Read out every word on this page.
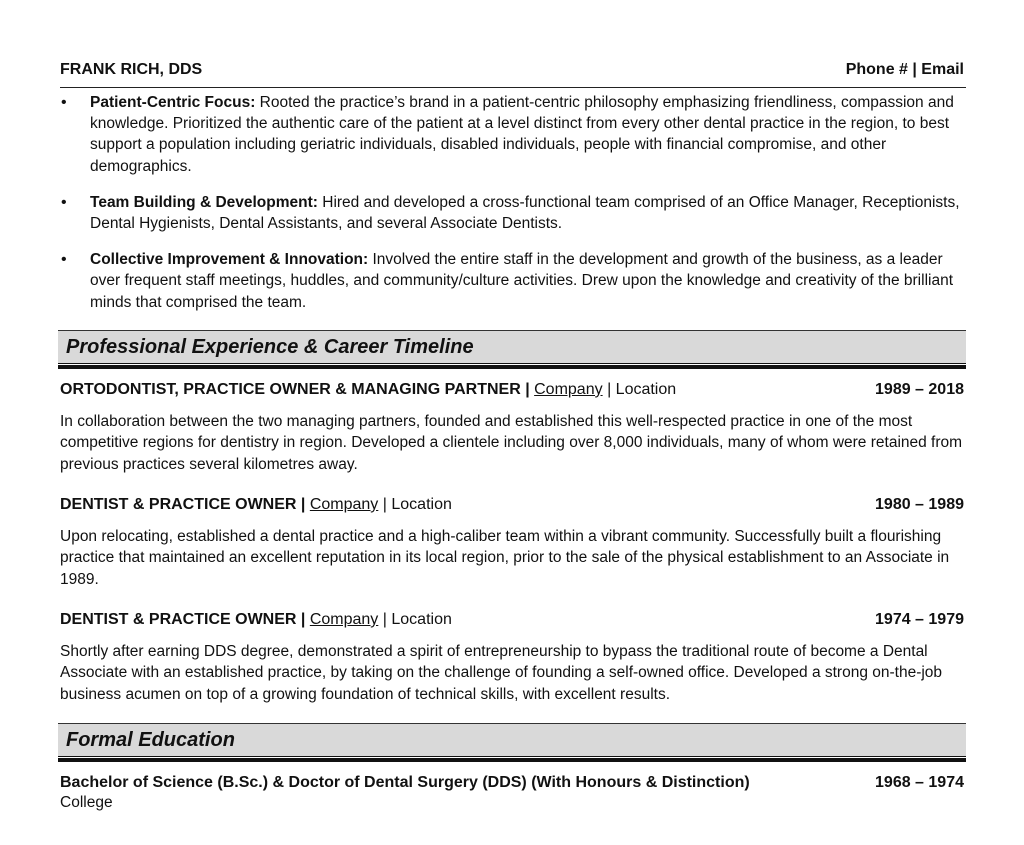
FRANK RICH, DDS	Phone # | Email
• Patient-Centric Focus: Rooted the practice’s brand in a patient-centric philosophy emphasizing friendliness, compassion and knowledge. Prioritized the authentic care of the patient at a level distinct from every other dental practice in the region, to best support a population including geriatric individuals, disabled individuals, people with financial compromise, and other demographics.
• Team Building & Development: Hired and developed a cross-functional team comprised of an Office Manager, Receptionists, Dental Hygienists, Dental Assistants, and several Associate Dentists.
• Collective Improvement & Innovation: Involved the entire staff in the development and growth of the business, as a leader over frequent staff meetings, huddles, and community/culture activities. Drew upon the knowledge and creativity of the brilliant minds that comprised the team.
Professional Experience & Career Timeline
ORTODONTIST, PRACTICE OWNER & MANAGING PARTNER | Company | Location	1989 – 2018
In collaboration between the two managing partners, founded and established this well-respected practice in one of the most competitive regions for dentistry in region. Developed a clientele including over 8,000 individuals, many of whom were retained from previous practices several kilometres away.
DENTIST & PRACTICE OWNER | Company | Location	1980 – 1989
Upon relocating, established a dental practice and a high-caliber team within a vibrant community. Successfully built a flourishing practice that maintained an excellent reputation in its local region, prior to the sale of the physical establishment to an Associate in 1989.
DENTIST & PRACTICE OWNER | Company | Location	1974 – 1979
Shortly after earning DDS degree, demonstrated a spirit of entrepreneurship to bypass the traditional route of become a Dental Associate with an established practice, by taking on the challenge of founding a self-owned office. Developed a strong on-the-job business acumen on top of a growing foundation of technical skills, with excellent results.
Formal Education
Bachelor of Science (B.Sc.) & Doctor of Dental Surgery (DDS) (With Honours & Distinction)	1968 – 1974
College
